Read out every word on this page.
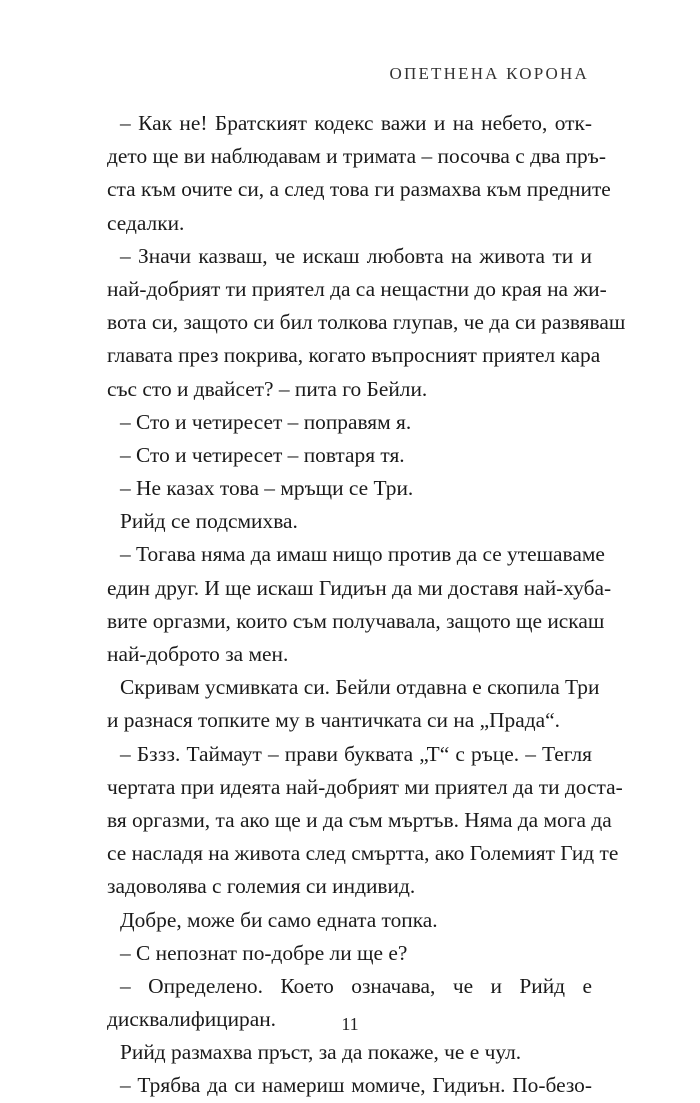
ОПЕТНЕНА КОРОНА
– Как не! Братският кодекс важи и на небето, отк-
дето ще ви наблюдавам и тримата – посочва с два пръ-
ста към очите си, а след това ги размахва към предните
седалки.
– Значи казваш, че искаш любовта на живота ти и
най-добрият ти приятел да са нещастни до края на жи-
вота си, защото си бил толкова глупав, че да си развяваш
главата през покрива, когато въпросният приятел кара
със сто и двайсет? – пита го Бейли.
– Сто и четиресет – поправям я.
– Сто и четиресет – повтаря тя.
– Не казах това – мръщи се Три.
Рийд се подсмихва.
– Тогава няма да имаш нищо против да се утешаваме
един друг. И ще искаш Гидиън да ми доставя най-хуба-
вите оргазми, които съм получавала, защото ще искаш
най-доброто за мен.
Скривам усмивката си. Бейли отдавна е скопила Три
и разнася топките му в чантичката си на „Прада“.
– Бззз. Таймаут – прави буквата „Т“ с ръце. – Тегля
чертата при идеята най-добрият ми приятел да ти доста-
вя оргазми, та ако ще и да съм мъртъв. Няма да мога да
се насладя на живота след смъртта, ако Големият Гид те
задоволява с големия си индивид.
Добре, може би само едната топка.
– С непознат по-добре ли ще е?
– Определено. Което означава, че и Рийд е
дисквалифициран.
Рийд размахва пръст, за да покаже, че е чул.
– Трябва да си намериш момиче, Гидиън. По-безо-
11
